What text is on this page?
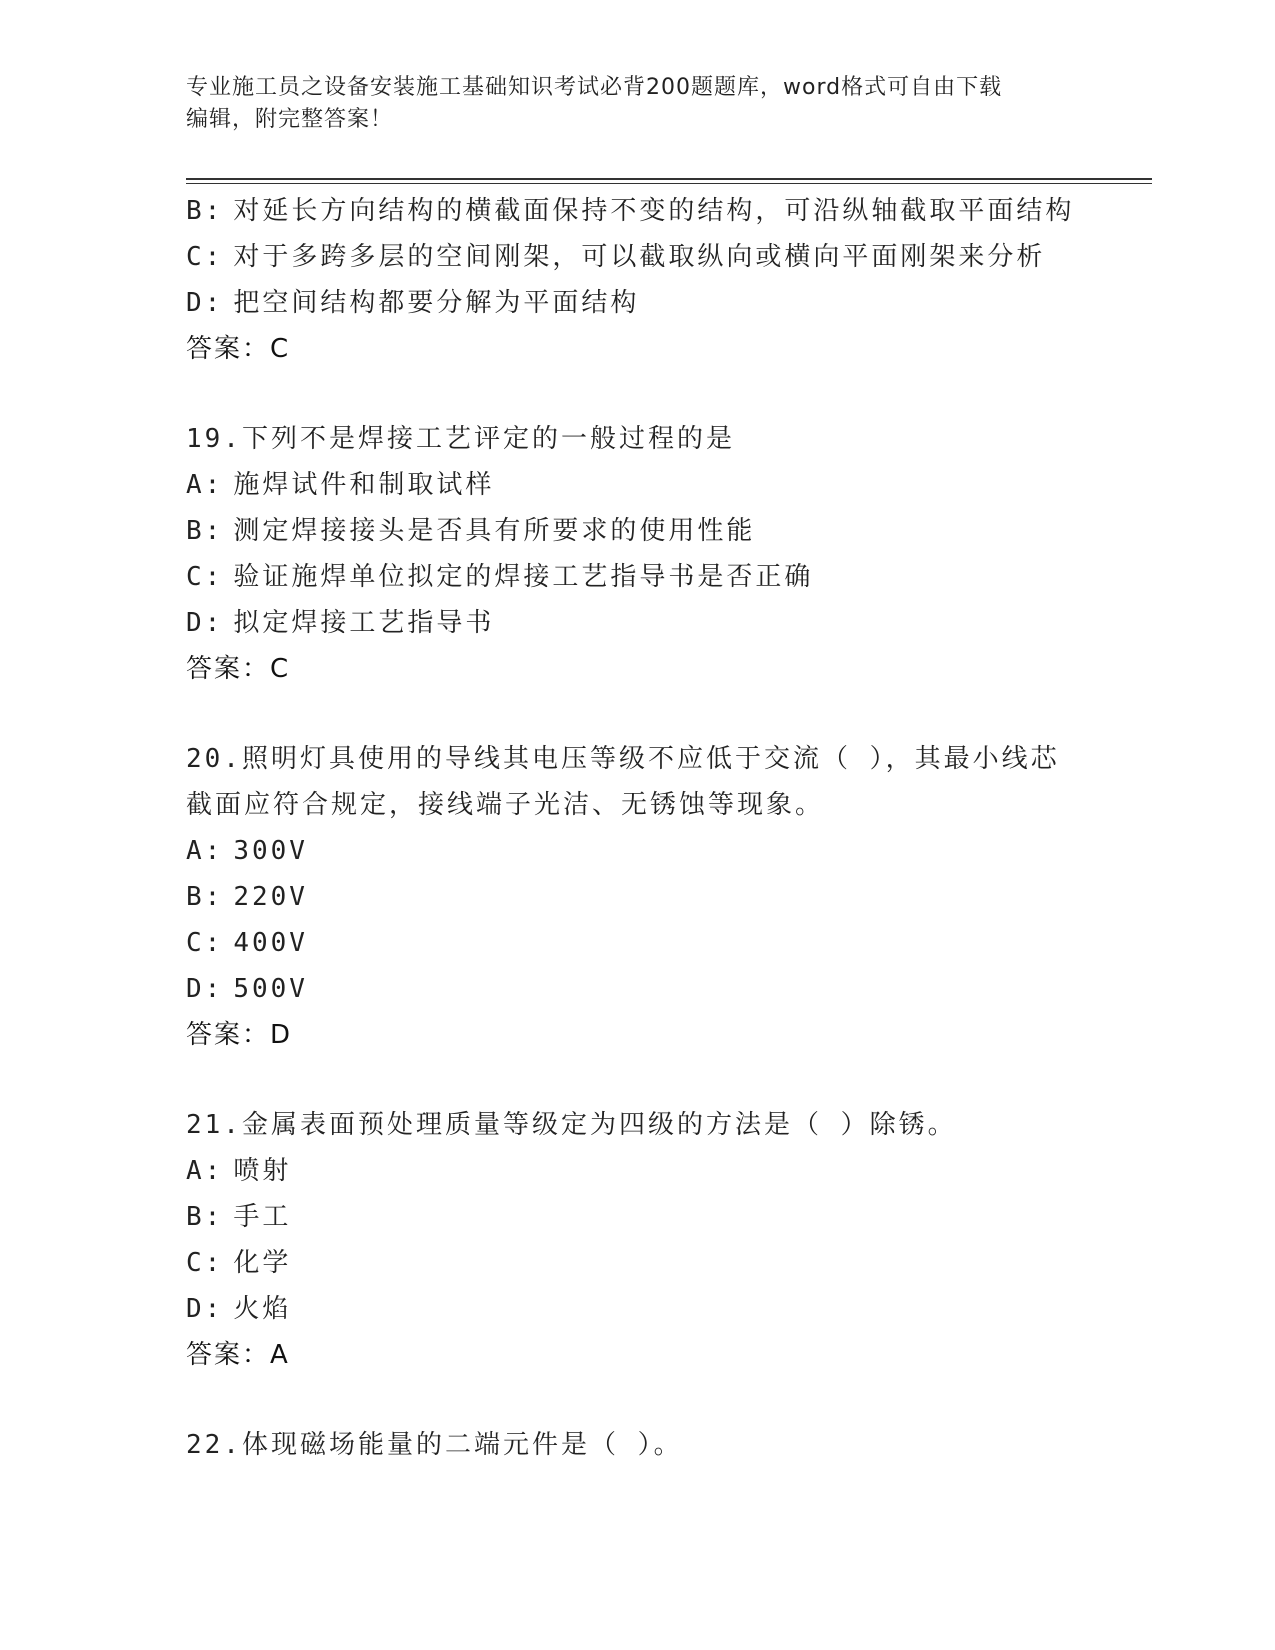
专业施工员之设备安装施工基础知识考试必背200题题库，word格式可自由下载
编辑，附完整答案！
B: 对延长方向结构的横截面保持不变的结构，可沿纵轴截取平面结构
C: 对于多跨多层的空间刚架，可以截取纵向或横向平面刚架来分析
D: 把空间结构都要分解为平面结构
答案：C
19.下列不是焊接工艺评定的一般过程的是
A: 施焊试件和制取试样
B: 测定焊接接头是否具有所要求的使用性能
C: 验证施焊单位拟定的焊接工艺指导书是否正确
D: 拟定焊接工艺指导书
答案：C
20.照明灯具使用的导线其电压等级不应低于交流（ ），其最小线芯
截面应符合规定，接线端子光洁、无锈蚀等现象。
A: 300V
B: 220V
C: 400V
D: 500V
答案：D
21.金属表面预处理质量等级定为四级的方法是（ ）除锈。
A: 喷射
B: 手工
C: 化学
D: 火焰
答案：A
22.体现磁场能量的二端元件是（ ）。
